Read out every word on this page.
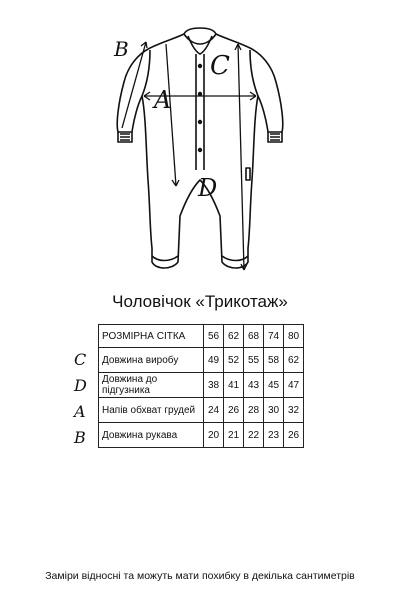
B
C
A
D
Чоловічок «Трикотаж»
C
D
A
B
РОЗМІРНА СІТКА	56	62	68	74	80
Довжина виробу	49	52	55	58	62
Довжина до підгузника	38	41	43	45	47
Напів обхват грудей	24	26	28	30	32
Довжина рукава	20	21	22	23	26
Заміри відносні та можуть мати похибку в декілька сантиметрів
